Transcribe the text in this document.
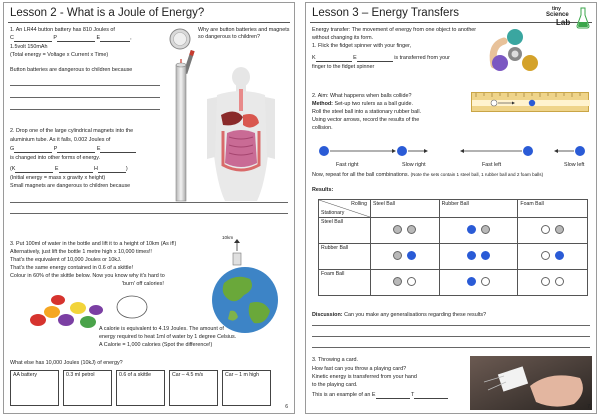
Lesson 2 - What is a Joule of Energy?
1. An LR44 button battery has 810 Joules of
C	P	E	,
1.5volt 150mAh
(Total energy = Voltage x Current x Time)
Why are button batteries and magnets so dangerous to children?
Button batteries are dangerous to children because
2. Drop one of the large cylindrical magnets into the
aluminium tube. As it falls, 0.002 Joules of
G	P	E
is changed into other forms of energy.
(K	E	H	)
(Initial energy = mass x gravity x height)
Small magnets are dangerous to children because
3. Put 100ml of water in the bottle and lift it to a height of 10km (As if!)
Alternatively, just lift the bottle 1 metre high x 10,000 times!!
That's the equivalent of 10,000 Joules or 10kJ.
That's the same energy contained in 0.6 of a skittle!
Colour in 60% of the skittle below. Now you know why it's hard to
'burn' off calories!
10km
A calorie is equivalent to 4.19 Joules. The amount of
energy required to heat 1ml of water by 1 degree Celsius.
A Calorie = 1,000 calories (Spot the difference!)
What else has 10,000 Joules (10kJ) of energy?
AA battery	0.3 ml petrol	0.6 of a skittle	Car – 4.5 m/s	Car – 1 m high
6
Lesson 3 – Energy Transfers	tiny
Science
Lab
Energy transfer: The movement of energy from one object to another
without changing its form.
1. Flick the fidget spinner with your finger,
K	E	is transferred from your
finger to the fidget spinner
2. Aim: What happens when balls collide?
Method: Set-up two rulers as a ball guide.
Roll the steel ball into a stationary rubber ball.
Using vector arrows, record the results of the
collision.
Fast right	Slow right	Fast left	Slow left
Now, repeat for all the ball combinations. (Note the sets contain 1 steel ball, 1 rubber ball and 2 foam balls)
Results:
Rolling
Stationary	Steel Ball	Rubber Ball	Foam Ball
Steel Ball	

Rubber Ball	

Foam Ball	

Discussion: Can you make any generalisations regarding these results?
3. Throwing a card.
How fast can you throw a playing card?
Kinetic energy is transferred from your hand
to the playing card.
This is an example of an E	T
7
